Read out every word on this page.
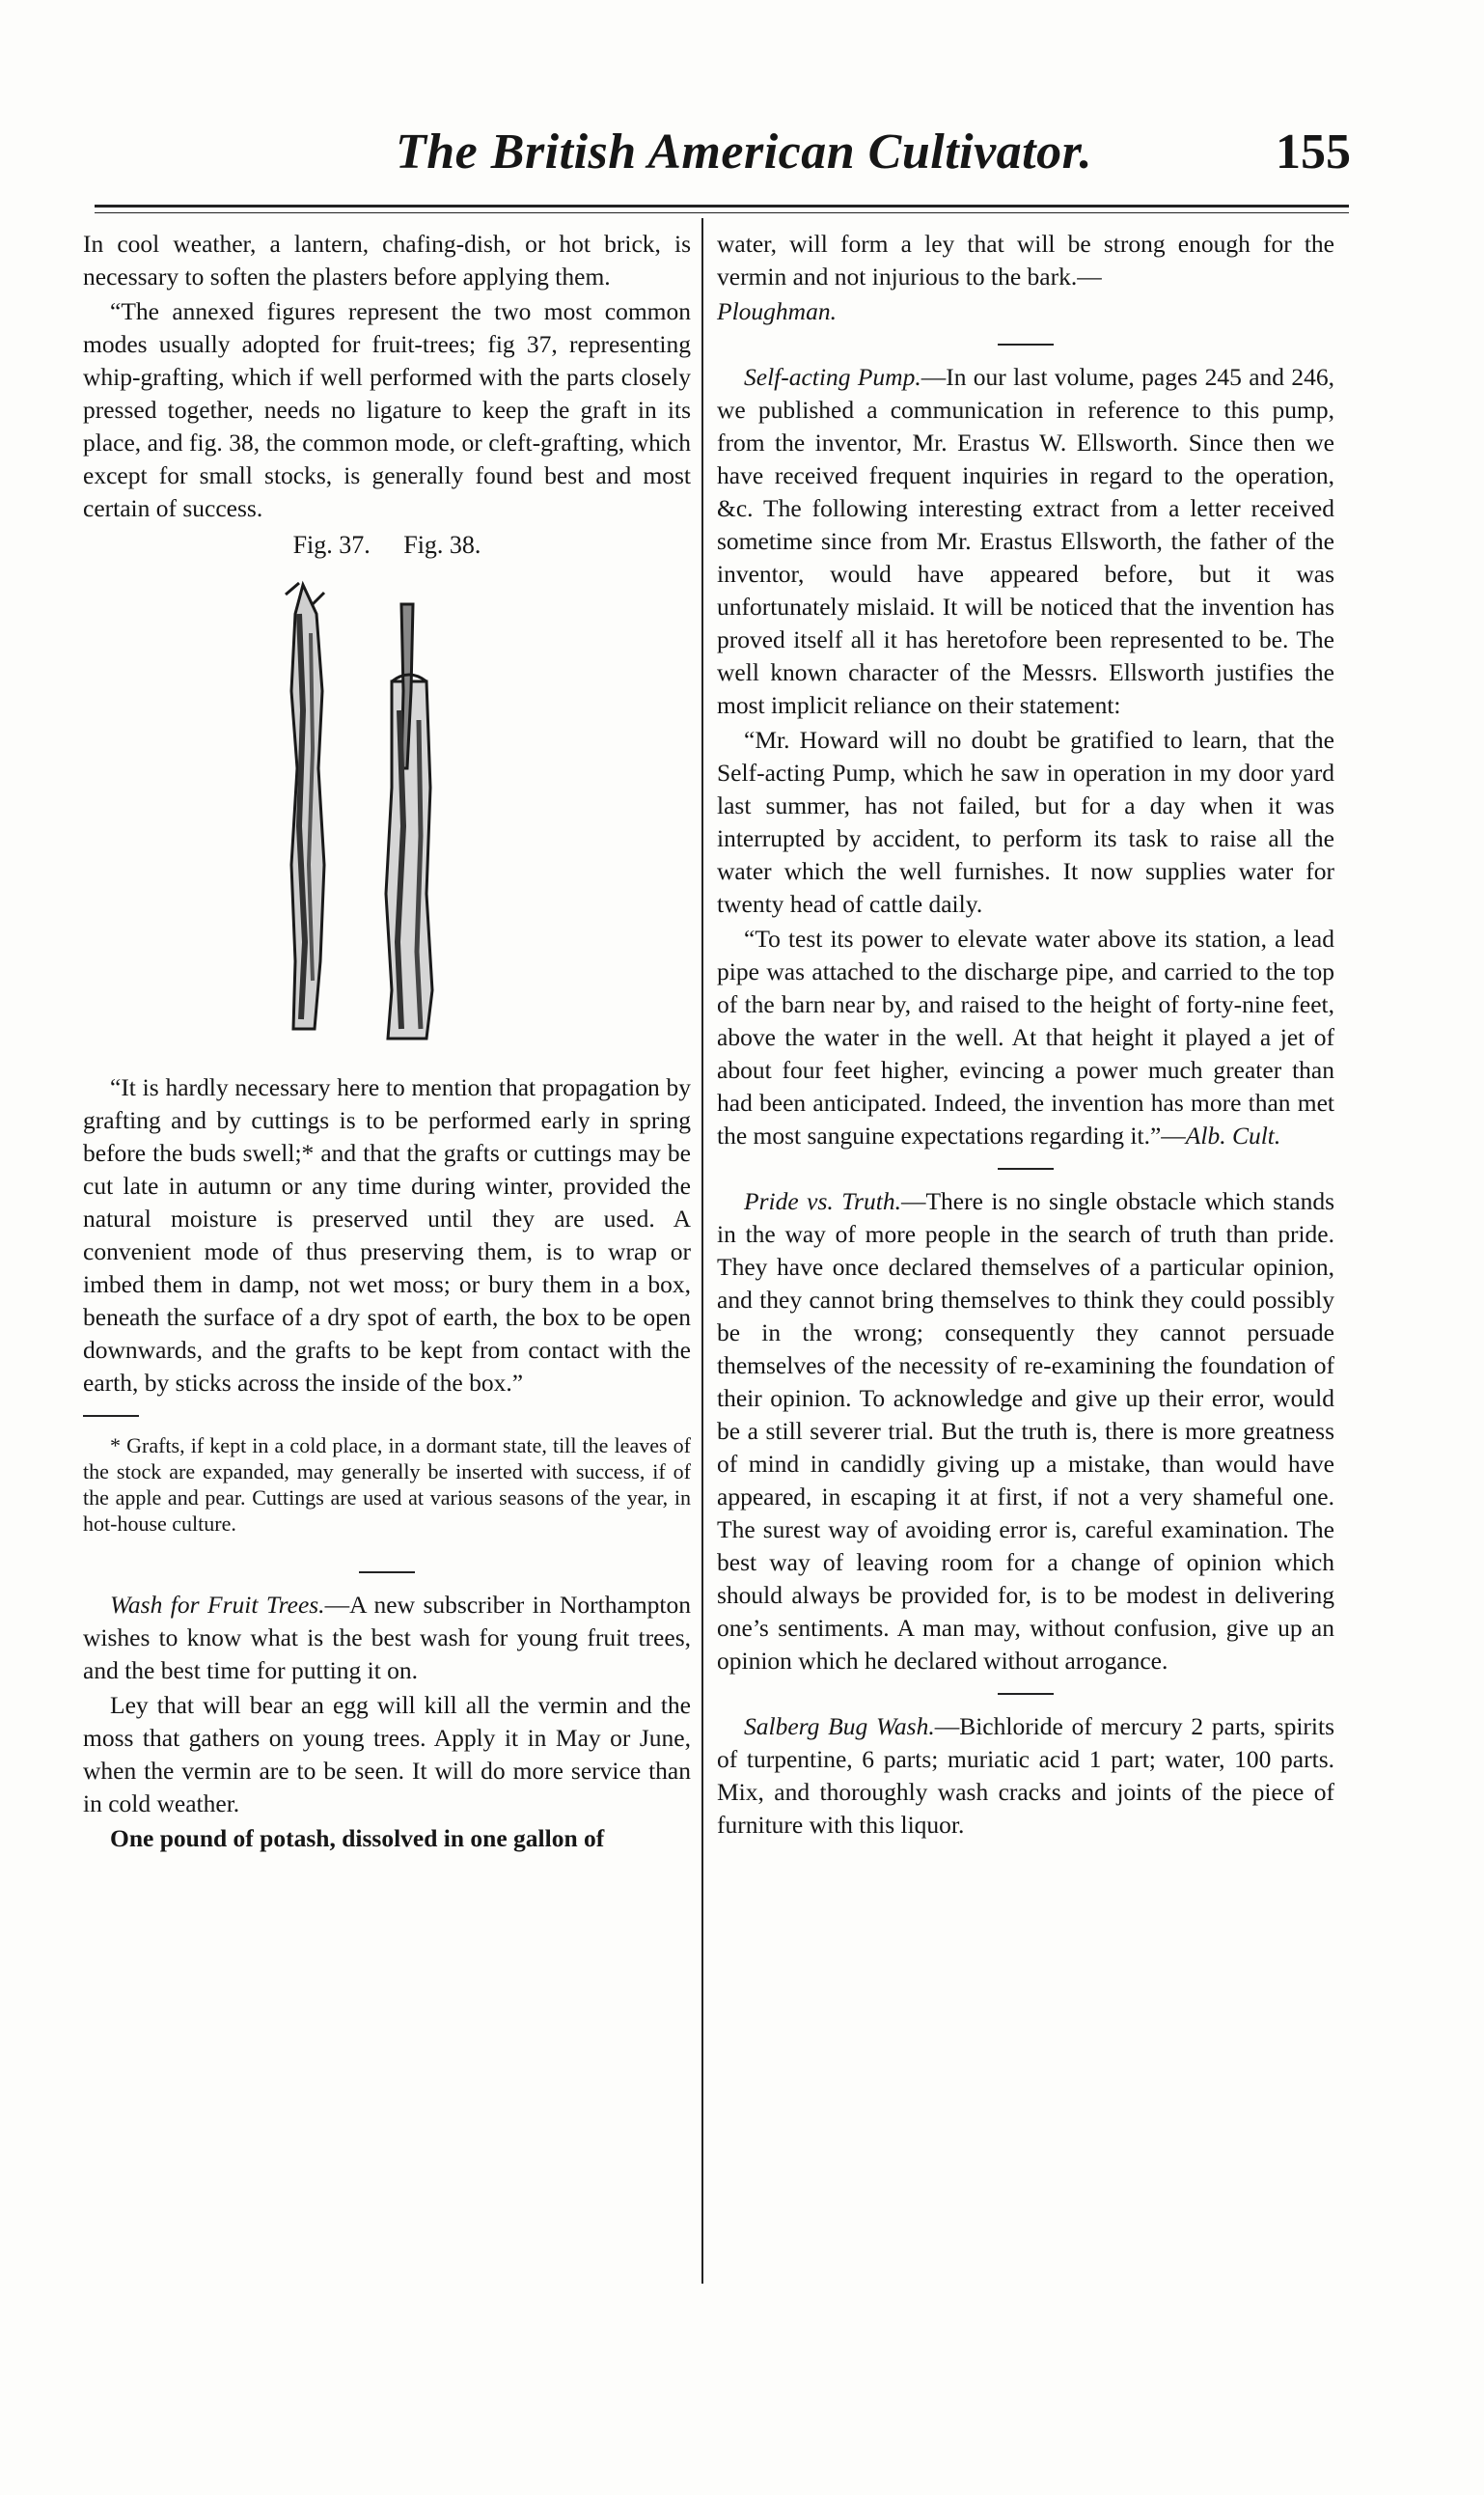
The British American Cultivator.	155

In cool weather, a lantern, chafing-dish, or hot brick, is necessary to soften the plasters before applying them.

“The annexed figures represent the two most common modes usually adopted for fruit-trees; fig 37, representing whip-grafting, which if well performed with the parts closely pressed together, needs no ligature to keep the graft in its place, and fig. 38, the common mode, or cleft-grafting, which except for small stocks, is generally found best and most certain of success.

Fig. 37. Fig. 38.

“It is hardly necessary here to mention that propagation by grafting and by cuttings is to be performed early in spring before the buds swell;* and that the grafts or cuttings may be cut late in autumn or any time during winter, provided the natural moisture is preserved until they are used. A convenient mode of thus preserving them, is to wrap or imbed them in damp, not wet moss; or bury them in a box, beneath the surface of a dry spot of earth, the box to be open downwards, and the grafts to be kept from contact with the earth, by sticks across the inside of the box.”

* Grafts, if kept in a cold place, in a dormant state, till the leaves of the stock are expanded, may generally be inserted with success, if of the apple and pear. Cuttings are used at various seasons of the year, in hot-house culture.

Wash for Fruit Trees.—A new subscriber in Northampton wishes to know what is the best wash for young fruit trees, and the best time for putting it on.

Ley that will bear an egg will kill all the vermin and the moss that gathers on young trees. Apply it in May or June, when the vermin are to be seen. It will do more service than in cold weather.

One pound of potash, dissolved in one gallon of

water, will form a ley that will be strong enough for the vermin and not injurious to the bark.—

Ploughman.

Self-acting Pump.—In our last volume, pages 245 and 246, we published a communication in reference to this pump, from the inventor, Mr. Erastus W. Ellsworth. Since then we have received frequent inquiries in regard to the operation, &c. The following interesting extract from a letter received sometime since from Mr. Erastus Ellsworth, the father of the inventor, would have appeared before, but it was unfortunately mislaid. It will be noticed that the invention has proved itself all it has heretofore been represented to be. The well known character of the Messrs. Ellsworth justifies the most implicit reliance on their statement:

“Mr. Howard will no doubt be gratified to learn, that the Self-acting Pump, which he saw in operation in my door yard last summer, has not failed, but for a day when it was interrupted by accident, to perform its task to raise all the water which the well furnishes. It now supplies water for twenty head of cattle daily.

“To test its power to elevate water above its station, a lead pipe was attached to the discharge pipe, and carried to the top of the barn near by, and raised to the height of forty-nine feet, above the water in the well. At that height it played a jet of about four feet higher, evincing a power much greater than had been anticipated. Indeed, the invention has more than met the most sanguine expectations regarding it.”—Alb. Cult.

Pride vs. Truth.—There is no single obstacle which stands in the way of more people in the search of truth than pride. They have once declared themselves of a particular opinion, and they cannot bring themselves to think they could possibly be in the wrong; consequently they cannot persuade themselves of the necessity of re-examining the foundation of their opinion. To acknowledge and give up their error, would be a still severer trial. But the truth is, there is more greatness of mind in candidly giving up a mistake, than would have appeared, in escaping it at first, if not a very shameful one. The surest way of avoiding error is, careful examination. The best way of leaving room for a change of opinion which should always be provided for, is to be modest in delivering one’s sentiments. A man may, without confusion, give up an opinion which he declared without arrogance.

Salberg Bug Wash.—Bichloride of mercury 2 parts, spirits of turpentine, 6 parts; muriatic acid 1 part; water, 100 parts. Mix, and thoroughly wash cracks and joints of the piece of furniture with this liquor.
